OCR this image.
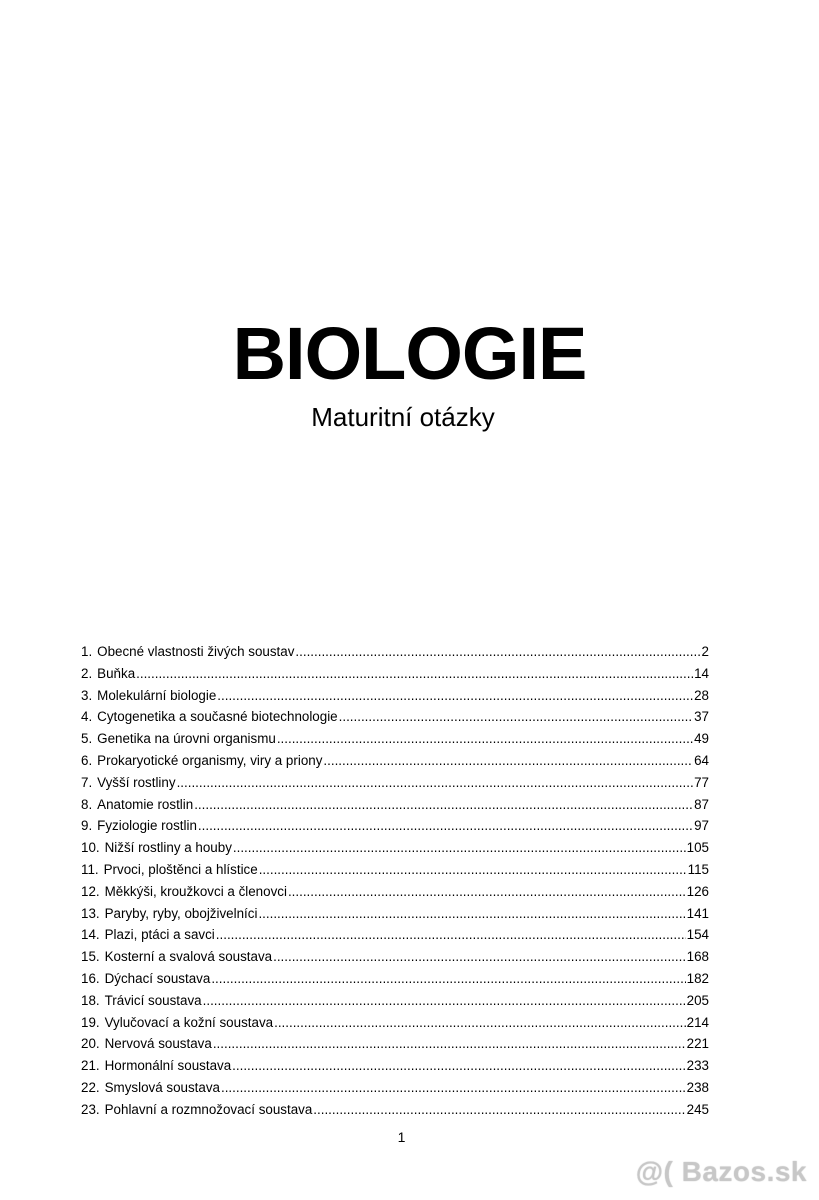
BIOLOGIE
Maturitní otázky
1. Obecné vlastnosti živých soustav .....	2
2. Buňka .....	14
3. Molekulární biologie .....	28
4. Cytogenetika a současné biotechnologie .....	37
5. Genetika na úrovni organismu .....	49
6. Prokaryotické organismy, viry a priony .....	64
7. Vyšší rostliny .....	77
8. Anatomie rostlin .....	87
9. Fyziologie rostlin .....	97
10. Nižší rostliny a houby .....	105
11. Prvoci, ploštěnci a hlístice .....	115
12. Měkkýši, kroužkovci a členovci .....	126
13. Paryby, ryby, obojživelníci .....	141
14. Plazi, ptáci a savci .....	154
15. Kosterní a svalová soustava .....	168
16. Dýchací soustava .....	182
18. Trávicí soustava .....	205
19. Vylučovací a kožní soustava .....	214
20. Nervová soustava .....	221
21. Hormonální soustava .....	233
22. Smyslová soustava .....	238
23. Pohlavní a rozmnožovací soustava .....	245
1
@( Bazos.sk
